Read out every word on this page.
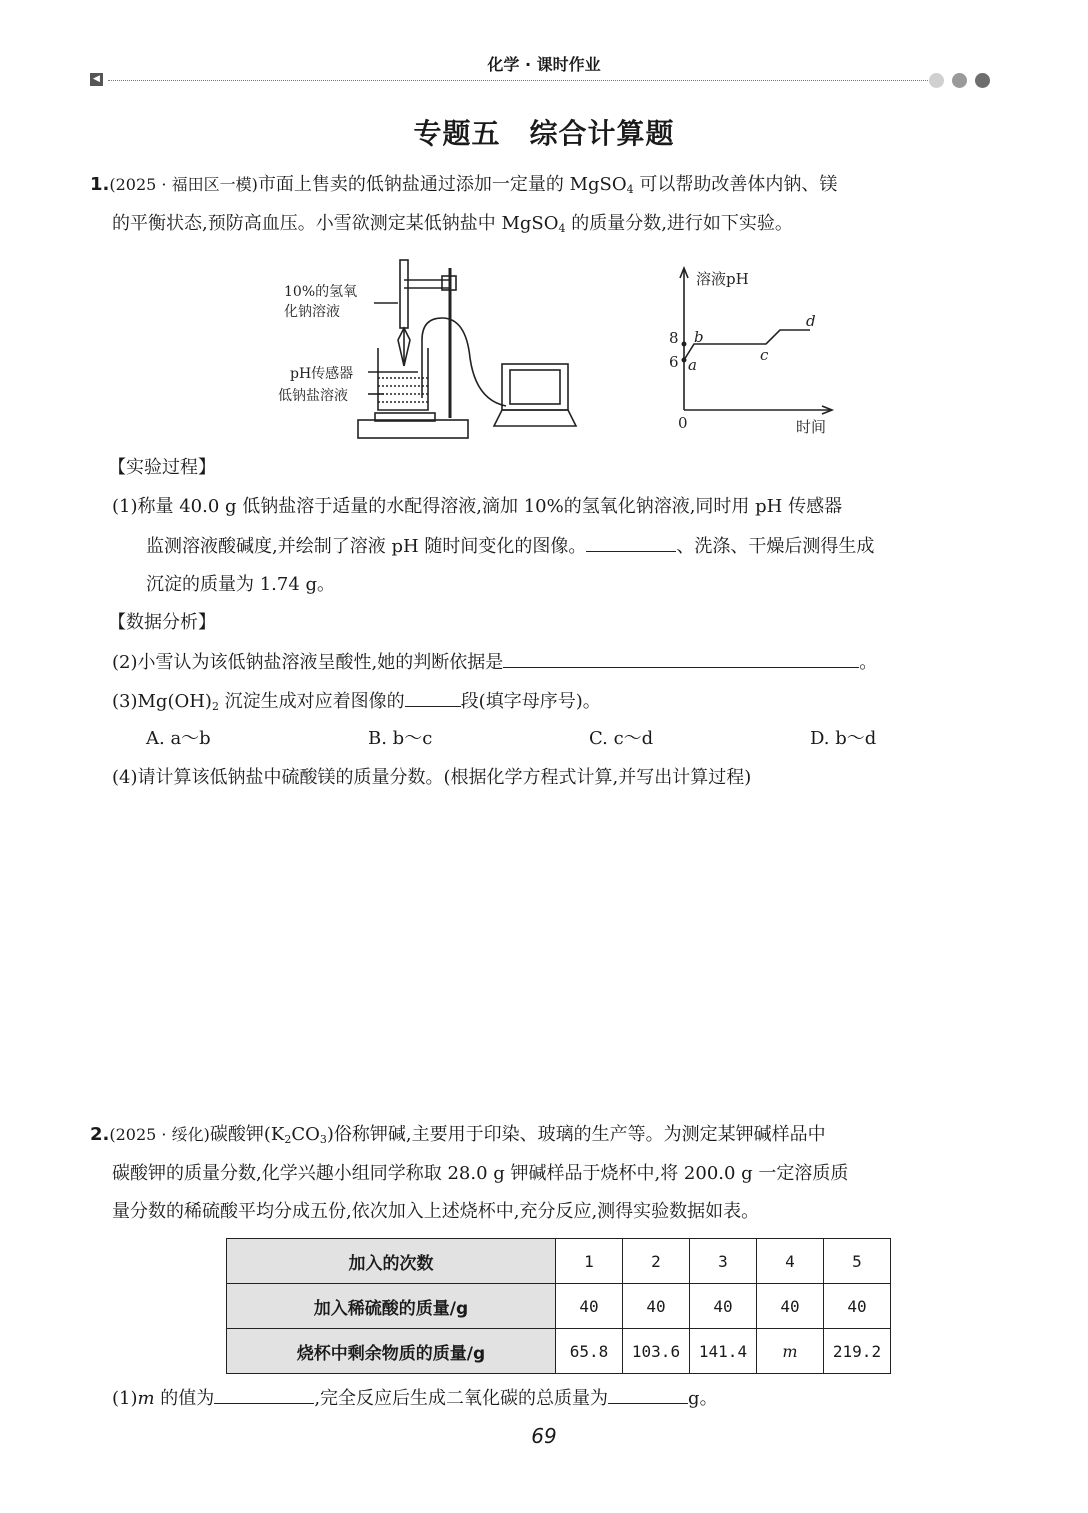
化学 · 课时作业
◀
专题五　综合计算题
1.(2025 · 福田区一模)市面上售卖的低钠盐通过添加一定量的 MgSO$_4$ 可以帮助改善体内钠、镁
的平衡状态,预防高血压。小雪欲测定某低钠盐中 MgSO$_4$ 的质量分数,进行如下实验。
10%的氢氧
化钠溶液
pH传感器
低钠盐溶液
溶液pH
时间
0
8
6 a
b
c
d
【实验过程】
(1)称量 40.0 g 低钠盐溶于适量的水配得溶液,滴加 10%的氢氧化钠溶液,同时用 pH 传感器
监测溶液酸碱度,并绘制了溶液 pH 随时间变化的图像。	、洗涤、干燥后测得生成
沉淀的质量为 1.74 g。
【数据分析】
(2)小雪认为该低钠盐溶液呈酸性,她的判断依据是	。
$(3)Mg(OH)_2$ 沉淀生成对应着图像的	段(填字母序号)。
A. a～b	B. b～c	C. c～d	D. b～d
(4)请计算该低钠盐中硫酸镁的质量分数。(根据化学方程式计算,并写出计算过程)
2.(2025 · 绥化)碳酸钾$(K_2CO_3)$俗称钾碱,主要用于印染、玻璃的生产等。为测定某钾碱样品中
碳酸钾的质量分数,化学兴趣小组同学称取 28.0 g 钾碱样品于烧杯中,将 200.0 g 一定溶质质
量分数的稀硫酸平均分成五份,依次加入上述烧杯中,充分反应,测得实验数据如表。
加入的次数	1	2	3	4	5
加入稀硫酸的质量/g	40	40	40	40	40
烧杯中剩余物质的质量/g	65.8	103.6	141.4	m	219.2
(1)m 的值为	,完全反应后生成二氧化碳的总质量为	g。
69
